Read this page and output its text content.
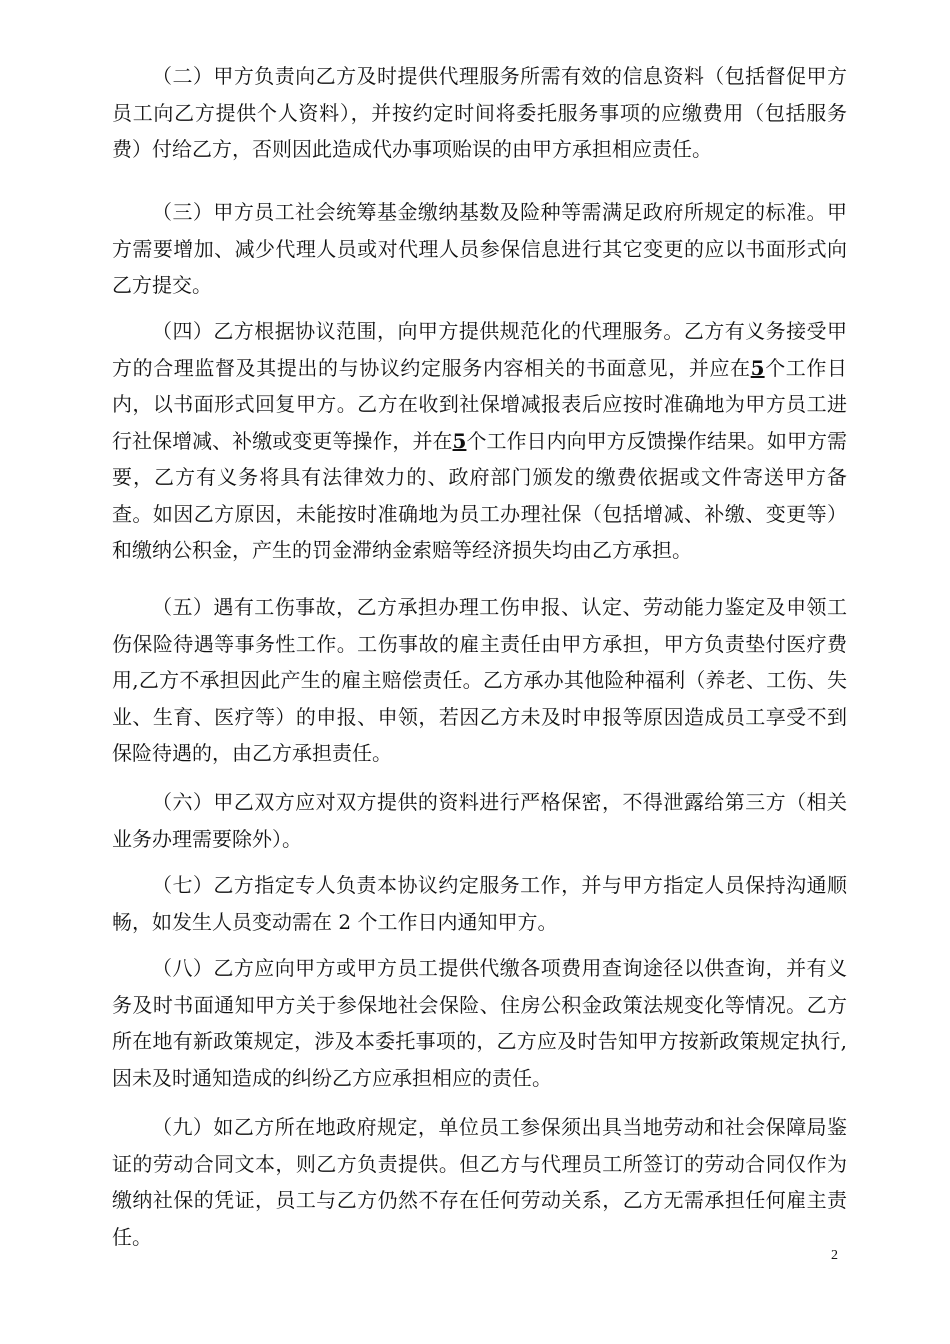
（二）甲方负责向乙方及时提供代理服务所需有效的信息资料（包括督促甲方员工向乙方提供个人资料），并按约定时间将委托服务事项的应缴费用（包括服务费）付给乙方，否则因此造成代办事项贻误的由甲方承担相应责任。

（三）甲方员工社会统筹基金缴纳基数及险种等需满足政府所规定的标准。甲方需要增加、减少代理人员或对代理人员参保信息进行其它变更的应以书面形式向乙方提交。

（四）乙方根据协议范围，向甲方提供规范化的代理服务。乙方有义务接受甲方的合理监督及其提出的与协议约定服务内容相关的书面意见，并应在5个工作日内，以书面形式回复甲方。乙方在收到社保增减报表后应按时准确地为甲方员工进行社保增减、补缴或变更等操作，并在5个工作日内向甲方反馈操作结果。如甲方需要，乙方有义务将具有法律效力的、政府部门颁发的缴费依据或文件寄送甲方备查。如因乙方原因，未能按时准确地为员工办理社保（包括增减、补缴、变更等）和缴纳公积金，产生的罚金滞纳金索赔等经济损失均由乙方承担。

（五）遇有工伤事故，乙方承担办理工伤申报、认定、劳动能力鉴定及申领工伤保险待遇等事务性工作。工伤事故的雇主责任由甲方承担，甲方负责垫付医疗费用,乙方不承担因此产生的雇主赔偿责任。乙方承办其他险种福利（养老、工伤、失业、生育、医疗等）的申报、申领，若因乙方未及时申报等原因造成员工享受不到保险待遇的，由乙方承担责任。

（六）甲乙双方应对双方提供的资料进行严格保密，不得泄露给第三方（相关业务办理需要除外）。

（七）乙方指定专人负责本协议约定服务工作，并与甲方指定人员保持沟通顺畅，如发生人员变动需在 2 个工作日内通知甲方。

（八）乙方应向甲方或甲方员工提供代缴各项费用查询途径以供查询，并有义务及时书面通知甲方关于参保地社会保险、住房公积金政策法规变化等情况。乙方所在地有新政策规定，涉及本委托事项的，乙方应及时告知甲方按新政策规定执行,因未及时通知造成的纠纷乙方应承担相应的责任。

（九）如乙方所在地政府规定，单位员工参保须出具当地劳动和社会保障局鉴证的劳动合同文本，则乙方负责提供。但乙方与代理员工所签订的劳动合同仅作为缴纳社保的凭证，员工与乙方仍然不存在任何劳动关系，乙方无需承担任何雇主责任。

2
